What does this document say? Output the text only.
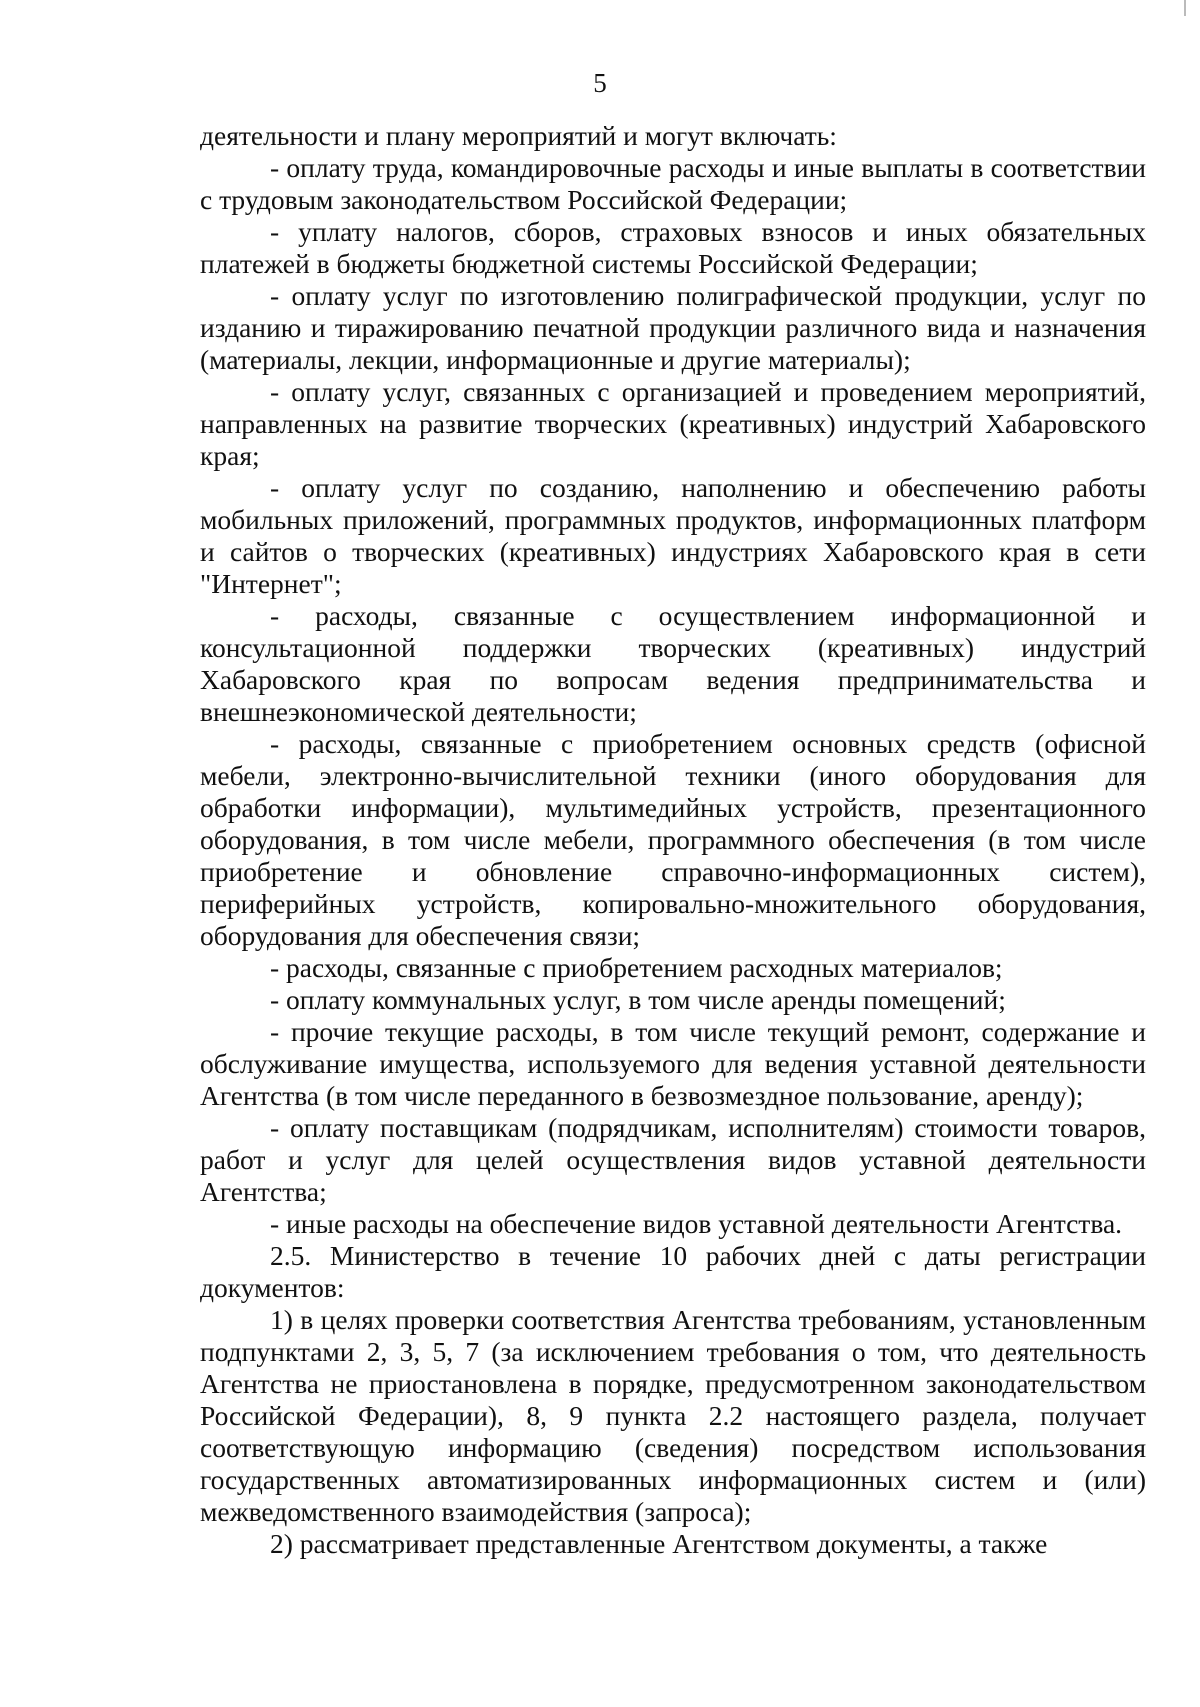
5

деятельности и плану мероприятий и могут включать:

- оплату труда, командировочные расходы и иные выплаты в соответствии с трудовым законодательством Российской Федерации;

- уплату налогов, сборов, страховых взносов и иных обязательных платежей в бюджеты бюджетной системы Российской Федерации;

- оплату услуг по изготовлению полиграфической продукции, услуг по изданию и тиражированию печатной продукции различного вида и назначения (материалы, лекции, информационные и другие материалы);

- оплату услуг, связанных с организацией и проведением мероприятий, направленных на развитие творческих (креативных) индустрий Хабаровского края;

- оплату услуг по созданию, наполнению и обеспечению работы мобильных приложений, программных продуктов, информационных платформ и сайтов о творческих (креативных) индустриях Хабаровского края в сети "Интернет";

- расходы, связанные с осуществлением информационной и консультационной поддержки творческих (креативных) индустрий Хабаровского края по вопросам ведения предпринимательства и внешнеэкономической деятельности;

- расходы, связанные с приобретением основных средств (офисной мебели, электронно-вычислительной техники (иного оборудования для обработки информации), мультимедийных устройств, презентационного оборудования, в том числе мебели, программного обеспечения (в том числе приобретение и обновление справочно-информационных систем), периферийных устройств, копировально-множительного оборудования, оборудования для обеспечения связи;

- расходы, связанные с приобретением расходных материалов;

- оплату коммунальных услуг, в том числе аренды помещений;

- прочие текущие расходы, в том числе текущий ремонт, содержание и обслуживание имущества, используемого для ведения уставной деятельности Агентства (в том числе переданного в безвозмездное пользование, аренду);

- оплату поставщикам (подрядчикам, исполнителям) стоимости товаров, работ и услуг для целей осуществления видов уставной деятельности Агентства;

- иные расходы на обеспечение видов уставной деятельности Агентства.

2.5. Министерство в течение 10 рабочих дней с даты регистрации документов:

1) в целях проверки соответствия Агентства требованиям, установленным подпунктами 2, 3, 5, 7 (за исключением требования о том, что деятельность Агентства не приостановлена в порядке, предусмотренном законодательством Российской Федерации), 8, 9 пункта 2.2 настоящего раздела, получает соответствующую информацию (сведения) посредством использования государственных автоматизированных информационных систем и (или) межведомственного взаимодействия (запроса);

2) рассматривает представленные Агентством документы, а также
